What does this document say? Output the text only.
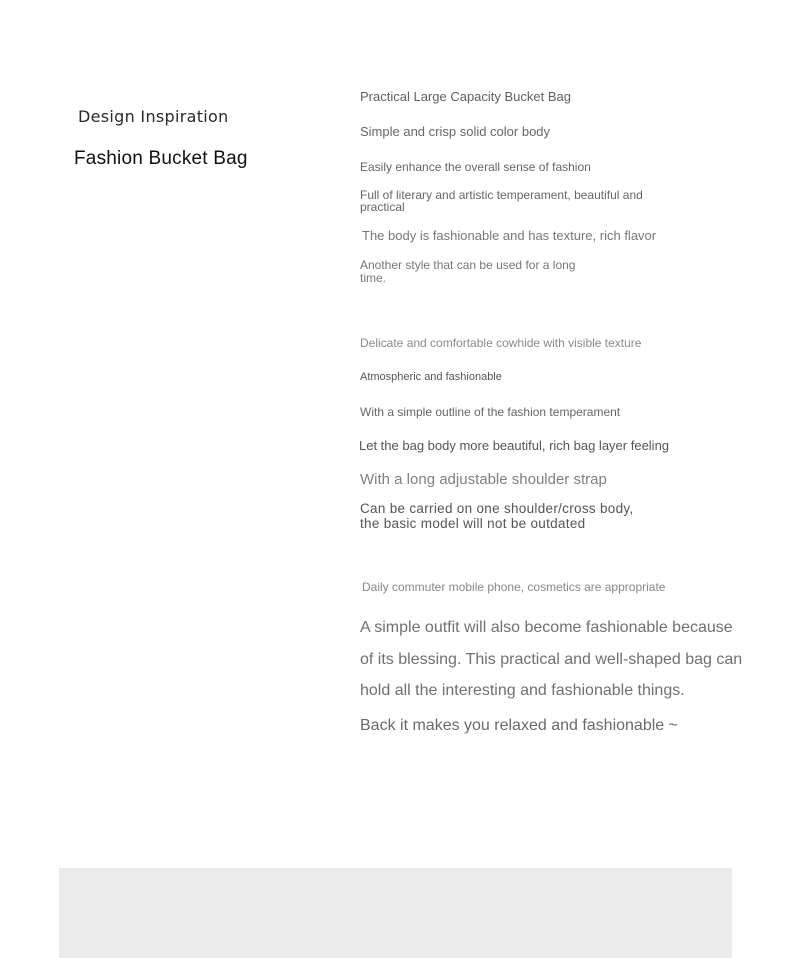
Design Inspiration
Fashion Bucket Bag
Practical Large Capacity Bucket Bag
Simple and crisp solid color body
Easily enhance the overall sense of fashion
Full of literary and artistic temperament, beautiful and practical
The body is fashionable and has texture, rich flavor
Another style that can be used for a long time.
Delicate and comfortable cowhide with visible texture
Atmospheric and fashionable
With a simple outline of the fashion temperament
Let the bag body more beautiful, rich bag layer feeling
With a long adjustable shoulder strap
Can be carried on one shoulder/cross body, the basic model will not be outdated
Daily commuter mobile phone, cosmetics are appropriate

A simple outfit will also become fashionable because of its blessing. This practical and well-shaped bag can hold all the interesting and fashionable things.

Back it makes you relaxed and fashionable ~
